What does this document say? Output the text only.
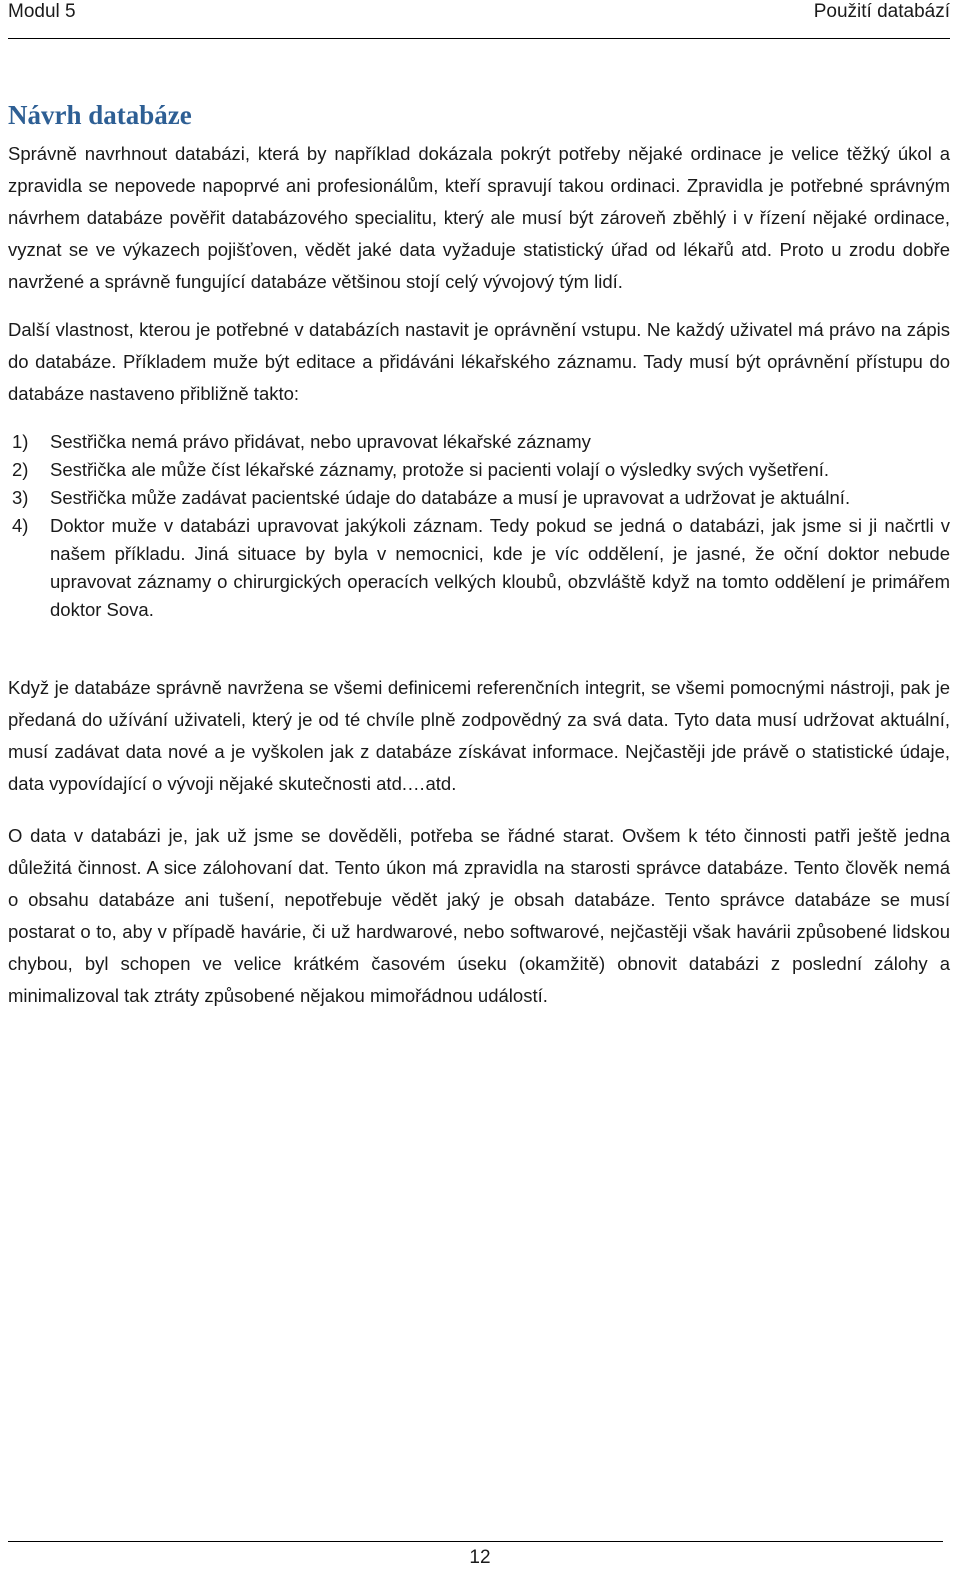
Modul 5	Použití databází
Návrh databáze

Správně navrhnout databázi, která by například dokázala pokrýt potřeby nějaké ordinace je velice těžký úkol a zpravidla se nepovede napoprvé ani profesionálům, kteří spravují takou ordinaci. Zpravidla je potřebné správným návrhem databáze pověřit databázového specialitu, který ale musí být zároveň zběhlý i v řízení nějaké ordinace, vyznat se ve výkazech pojišťoven, vědět jaké data vyžaduje statistický úřad od lékařů atd. Proto u zrodu dobře navržené a správně fungující databáze většinou stojí celý vývojový tým lidí.

Další vlastnost, kterou je potřebné v databázích nastavit je oprávnění vstupu. Ne každý uživatel má právo na zápis do databáze. Příkladem muže být editace a přidáváni lékařského záznamu. Tady musí být oprávnění přístupu do databáze nastaveno přibližně takto:

1) Sestřička nemá právo přidávat, nebo upravovat lékařské záznamy
2) Sestřička ale může číst lékařské záznamy, protože si pacienti volají o výsledky svých vyšetření.
3) Sestřička může zadávat pacientské údaje do databáze a musí je upravovat a udržovat je aktuální.
4) Doktor muže v databázi upravovat jakýkoli záznam. Tedy pokud se jedná o databázi, jak jsme si ji načrtli v našem příkladu. Jiná situace by byla v nemocnici, kde je víc oddělení, je jasné, že oční doktor nebude upravovat záznamy o chirurgických operacích velkých kloubů, obzvláště když na tomto oddělení je primářem doktor Sova.

Když je databáze správně navržena se všemi definicemi referenčních integrit, se všemi pomocnými nástroji, pak je předaná do užívání uživateli, který je od té chvíle plně zodpovědný za svá data. Tyto data musí udržovat aktuální, musí zadávat data nové a je vyškolen jak z databáze získávat informace. Nejčastěji jde právě o statistické údaje, data vypovídající o vývoji nějaké skutečnosti atd.…atd.

O data v databázi je, jak už jsme se dověděli, potřeba se řádné starat. Ovšem k této činnosti patři ještě jedna důležitá činnost. A sice zálohovaní dat. Tento úkon má zpravidla na starosti správce databáze. Tento člověk nemá o obsahu databáze ani tušení, nepotřebuje vědět jaký je obsah databáze. Tento správce databáze se musí postarat o to, aby v případě havárie, či už hardwarové, nebo softwarové, nejčastěji však havárii způsobené lidskou chybou, byl schopen ve velice krátkém časovém úseku (okamžitě) obnovit databázi z poslední zálohy a minimalizoval tak ztráty způsobené nějakou mimořádnou událostí.

12
